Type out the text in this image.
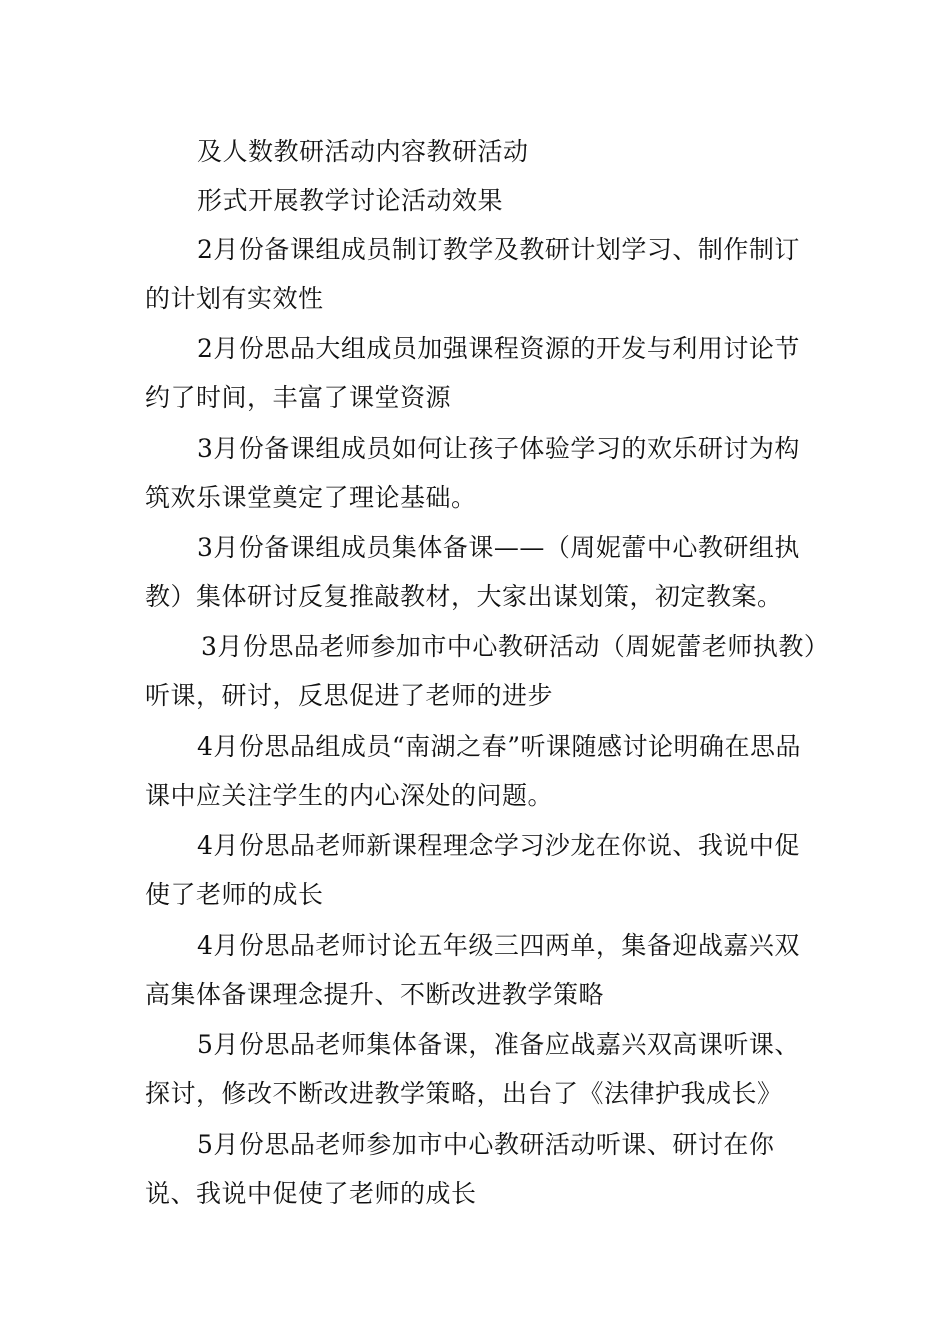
及人数教研活动内容教研活动

形式开展教学讨论活动效果

2月份备课组成员制订教学及教研计划学习、制作制订的计划有实效性

2月份思品大组成员加强课程资源的开发与利用讨论节约了时间，丰富了课堂资源

3月份备课组成员如何让孩子体验学习的欢乐研讨为构筑欢乐课堂奠定了理论基础。

3月份备课组成员集体备课——（周妮蕾中心教研组执教）集体研讨反复推敲教材，大家出谋划策，初定教案。

3月份思品老师参加市中心教研活动（周妮蕾老师执教）听课，研讨，反思促进了老师的进步

4月份思品组成员“南湖之春”听课随感讨论明确在思品课中应关注学生的内心深处的问题。

4月份思品老师新课程理念学习沙龙在你说、我说中促使了老师的成长

4月份思品老师讨论五年级三四两单，集备迎战嘉兴双高集体备课理念提升、不断改进教学策略

5月份思品老师集体备课，准备应战嘉兴双高课听课、探讨，修改不断改进教学策略，出台了《法律护我成长》

5月份思品老师参加市中心教研活动听课、研讨在你说、我说中促使了老师的成长
